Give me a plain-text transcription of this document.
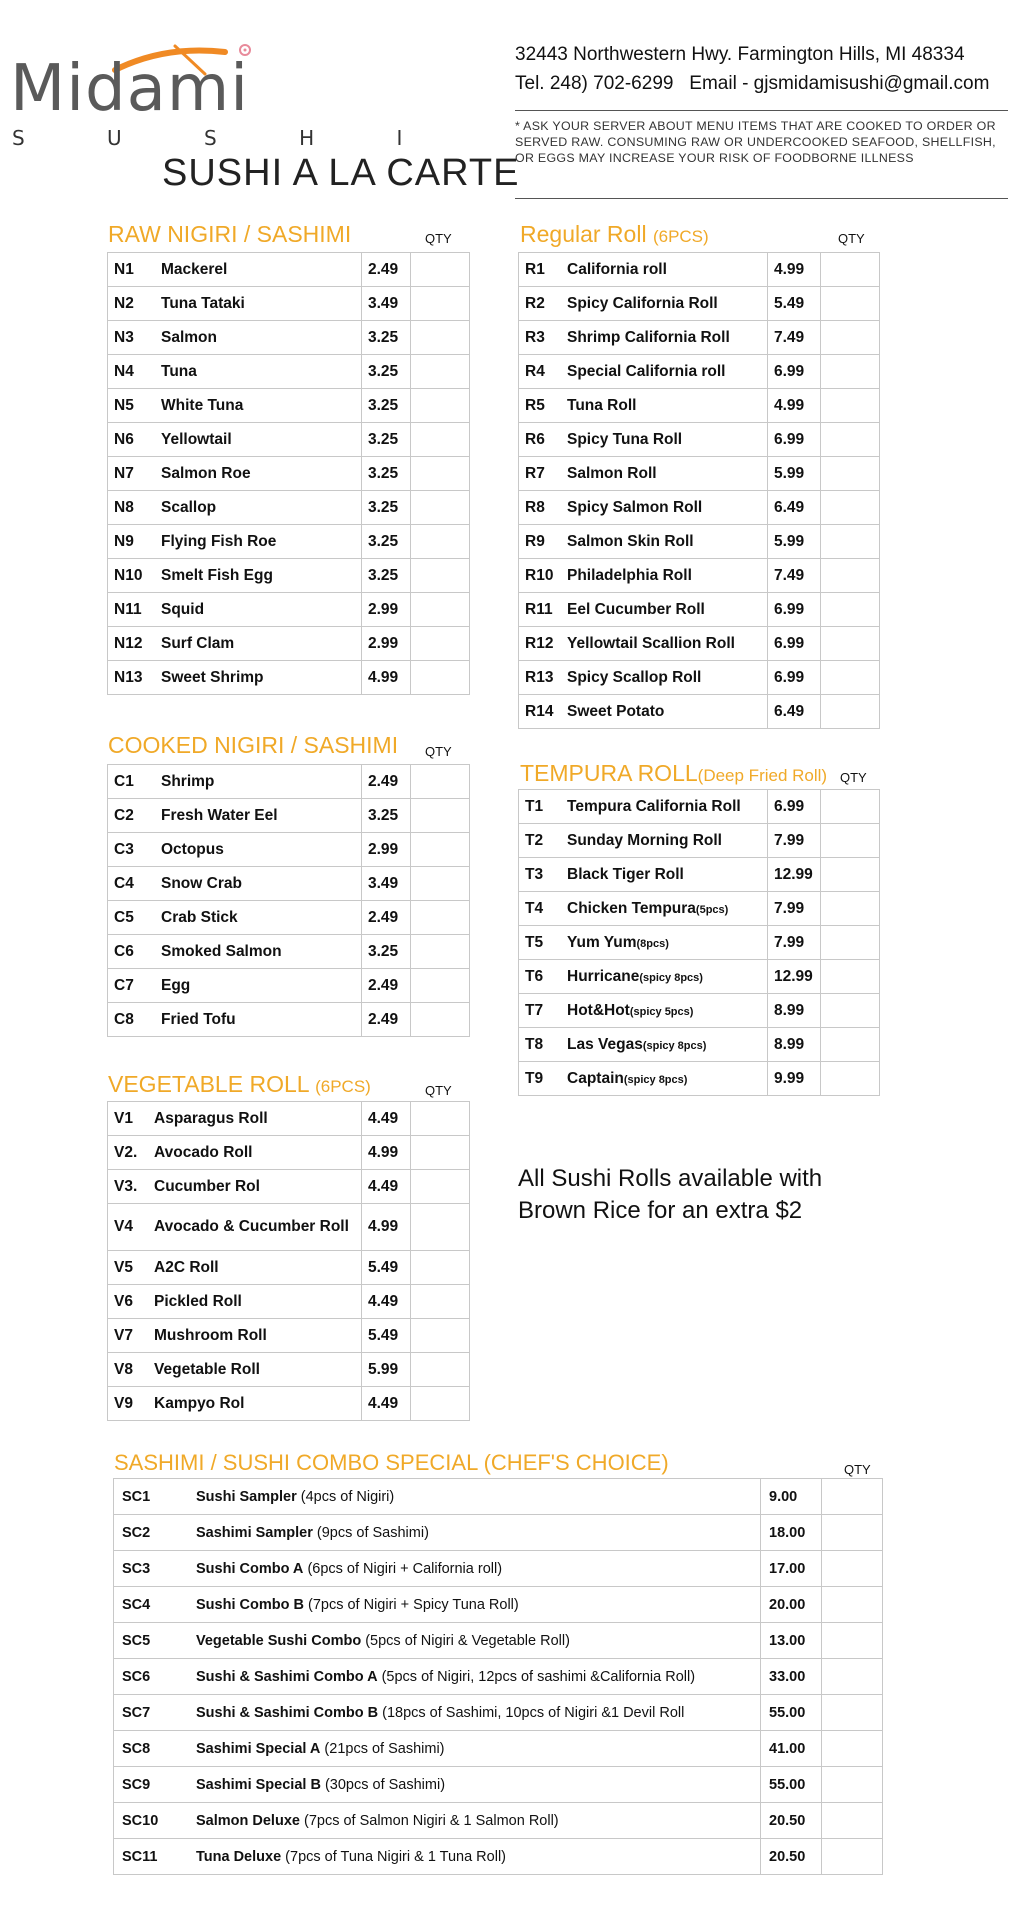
Midami
S U S H I
SUSHI A LA CARTE
32443 Northwestern Hwy. Farmington Hills, MI 48334
Tel. 248) 702-6299   Email - gjsmidamisushi@gmail.com
* ASK YOUR SERVER ABOUT MENU ITEMS THAT ARE COOKED TO ORDER OR SERVED RAW. CONSUMING RAW OR UNDERCOOKED SEAFOOD, SHELLFISH, OR EGGS MAY INCREASE YOUR RISK OF FOODBORNE ILLNESS
RAW NIGIRI / SASHIMI	QTY
N1	Mackerel	2.49	
N2	Tuna Tataki	3.49	
N3	Salmon	3.25	
N4	Tuna	3.25	
N5	White Tuna	3.25	
N6	Yellowtail	3.25	
N7	Salmon Roe	3.25	
N8	Scallop	3.25	
N9	Flying Fish Roe	3.25	
N10	Smelt Fish Egg	3.25	
N11	Squid	2.99	
N12	Surf Clam	2.99	
N13	Sweet Shrimp	4.99	
COOKED NIGIRI / SASHIMI QTY
C1	Shrimp	2.49	
C2	Fresh Water Eel	3.25	
C3	Octopus	2.99	
C4	Snow Crab	3.49	
C5	Crab Stick	2.49	
C6	Smoked Salmon	3.25	
C7	Egg	2.49	
C8	Fried Tofu	2.49	
VEGETABLE ROLL (6PCS)	QTY
V1	Asparagus Roll	4.49	
V2.	Avocado Roll	4.99	
V3.	Cucumber Rol	4.49	
V4	Avocado & Cucumber Roll	4.99	
V5	A2C Roll	5.49	
V6	Pickled Roll	4.49	
V7	Mushroom Roll	5.49	
V8	Vegetable Roll	5.99	
V9	Kampyo Rol	4.49	
Regular Roll (6PCS)	QTY
R1	California roll	4.99	
R2	Spicy California Roll	5.49	
R3	Shrimp California Roll	7.49	
R4	Special California roll	6.99	
R5	Tuna Roll	4.99	
R6	Spicy Tuna Roll	6.99	
R7	Salmon Roll	5.99	
R8	Spicy Salmon Roll	6.49	
R9	Salmon Skin Roll	5.99	
R10	Philadelphia Roll	7.49	
R11	Eel Cucumber Roll	6.99	
R12	Yellowtail Scallion Roll	6.99	
R13	Spicy Scallop Roll	6.99	
R14	Sweet Potato	6.49	
TEMPURA ROLL(Deep Fried Roll) QTY
T1	Tempura California Roll	6.99	
T2	Sunday Morning Roll	7.99	
T3	Black Tiger Roll	12.99	
T4	Chicken Tempura(5pcs)	7.99	
T5	Yum Yum(8pcs)	7.99	
T6	Hurricane(spicy 8pcs)	12.99	
T7	Hot&Hot(spicy 5pcs)	8.99	
T8	Las Vegas(spicy 8pcs)	8.99	
T9	Captain(spicy 8pcs)	9.99	
All Sushi Rolls available with Brown Rice for an extra $2
SASHIMI / SUSHI COMBO SPECIAL (CHEF'S CHOICE)	QTY
SC1	Sushi Sampler (4pcs of Nigiri)	9.00	
SC2	Sashimi Sampler (9pcs of Sashimi)	18.00	
SC3	Sushi Combo A (6pcs of Nigiri + California roll)	17.00	
SC4	Sushi Combo B (7pcs of Nigiri + Spicy Tuna Roll)	20.00	
SC5	Vegetable Sushi Combo (5pcs of Nigiri & Vegetable Roll)	13.00	
SC6	Sushi & Sashimi Combo A (5pcs of Nigiri, 12pcs of sashimi &California Roll)	33.00	
SC7	Sushi & Sashimi Combo B (18pcs of Sashimi, 10pcs of Nigiri &1 Devil Roll	55.00	
SC8	Sashimi Special A (21pcs of Sashimi)	41.00	
SC9	Sashimi Special B (30pcs of Sashimi)	55.00	
SC10	Salmon Deluxe (7pcs of Salmon Nigiri & 1 Salmon Roll)	20.50	
SC11	Tuna Deluxe (7pcs of Tuna Nigiri & 1 Tuna Roll)	20.50	
